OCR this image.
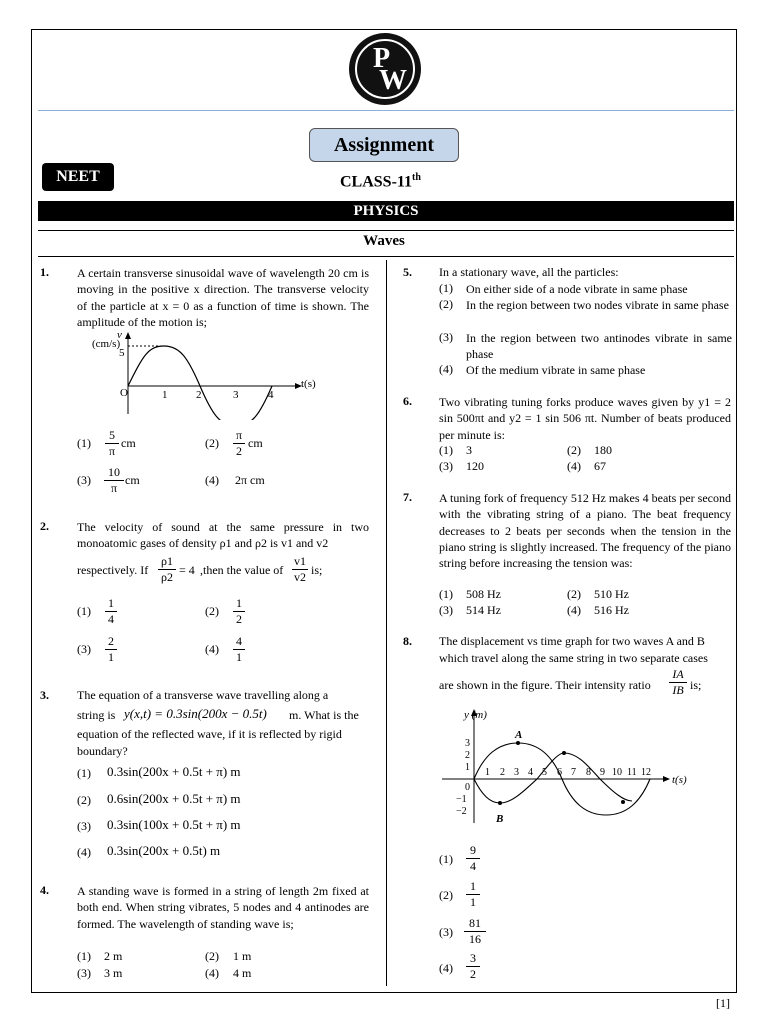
P
W
Assignment
NEET	CLASS-11th
PHYSICS
Waves
1. A certain transverse sinusoidal wave of wavelength 20 cm is moving in the positive x direction. The transverse velocity of the particle at x = 0 as a function of time is shown. The amplitude of the motion is;
v
(cm/s)
5
O	1	2	3	4
t(s)
$(1) \frac{5}{\pi}$ cm	$(2) \frac{\pi}{2}$ cm
$(3) \frac{10}{\pi}$ cm	(4) 2π cm
2. The velocity of sound at the same pressure in two monoatomic gases of density ρ1 and ρ2 is v1 and v2
respectively. If $\frac{\rho 1}{\rho 2} = 4$ ,then the value of $\frac{v1}{v2}$ is;
$(1) \frac{1}{4}$	$(2) \frac{1}{2}$
$(3) \frac{2}{1}$	$(4) \frac{4}{1}$
3. The equation of a transverse wave travelling along a
string is y(x,t) = 0.3sin(200x − 0.5t) m. What is the
equation of the reflected wave, if it is reflected by rigid
boundary?
(1) 0.3sin(200x + 0.5t + π) m
(2) 0.6sin(200x + 0.5t + π) m
(3) 0.3sin(100x + 0.5t + π) m
(4) 0.3sin(200x + 0.5t) m
4. A standing wave is formed in a string of length 2m fixed at both end. When string vibrates, 5 nodes and 4 antinodes are formed. The wavelength of standing wave is;
(1) 2 m	(2) 1 m
(3) 3 m	(4) 4 m
5. In a stationary wave, all the particles:
(1) On either side of a node vibrate in same phase
(2) In the region between two nodes vibrate in same phase
(3) In the region between two antinodes vibrate in same phase
(4) Of the medium vibrate in same phase
6. Two vibrating tuning forks produce waves given by y1 = 2 sin 500πt and y2 = 1 sin 506 πt. Number of beats produced per minute is:
(1) 3	(2) 180
(3) 120	(4) 67
7. A tuning fork of frequency 512 Hz makes 4 beats per second with the vibrating string of a piano. The beat frequency decreases to 2 beats per seconds when the tension in the piano string is slightly increased. The frequency of the piano string before increasing the tension was:
(1) 508 Hz	(2) 510 Hz
(3) 514 Hz	(4) 516 Hz
8. The displacement vs time graph for two waves A and B
which travel along the same string in two separate cases
are shown in the figure. Their intensity ratio $\frac{IA}{IB}$ is;
y (m)
3
2
1
0
−1
−2
1 2 3 4 5 6 7 8 9 10 11 12
t(s)
A
B
$(1) \frac{9}{4}$
$(2) \frac{1}{1}$
$(3) \frac{81}{16}$
$(4) \frac{3}{2}$
[1]
